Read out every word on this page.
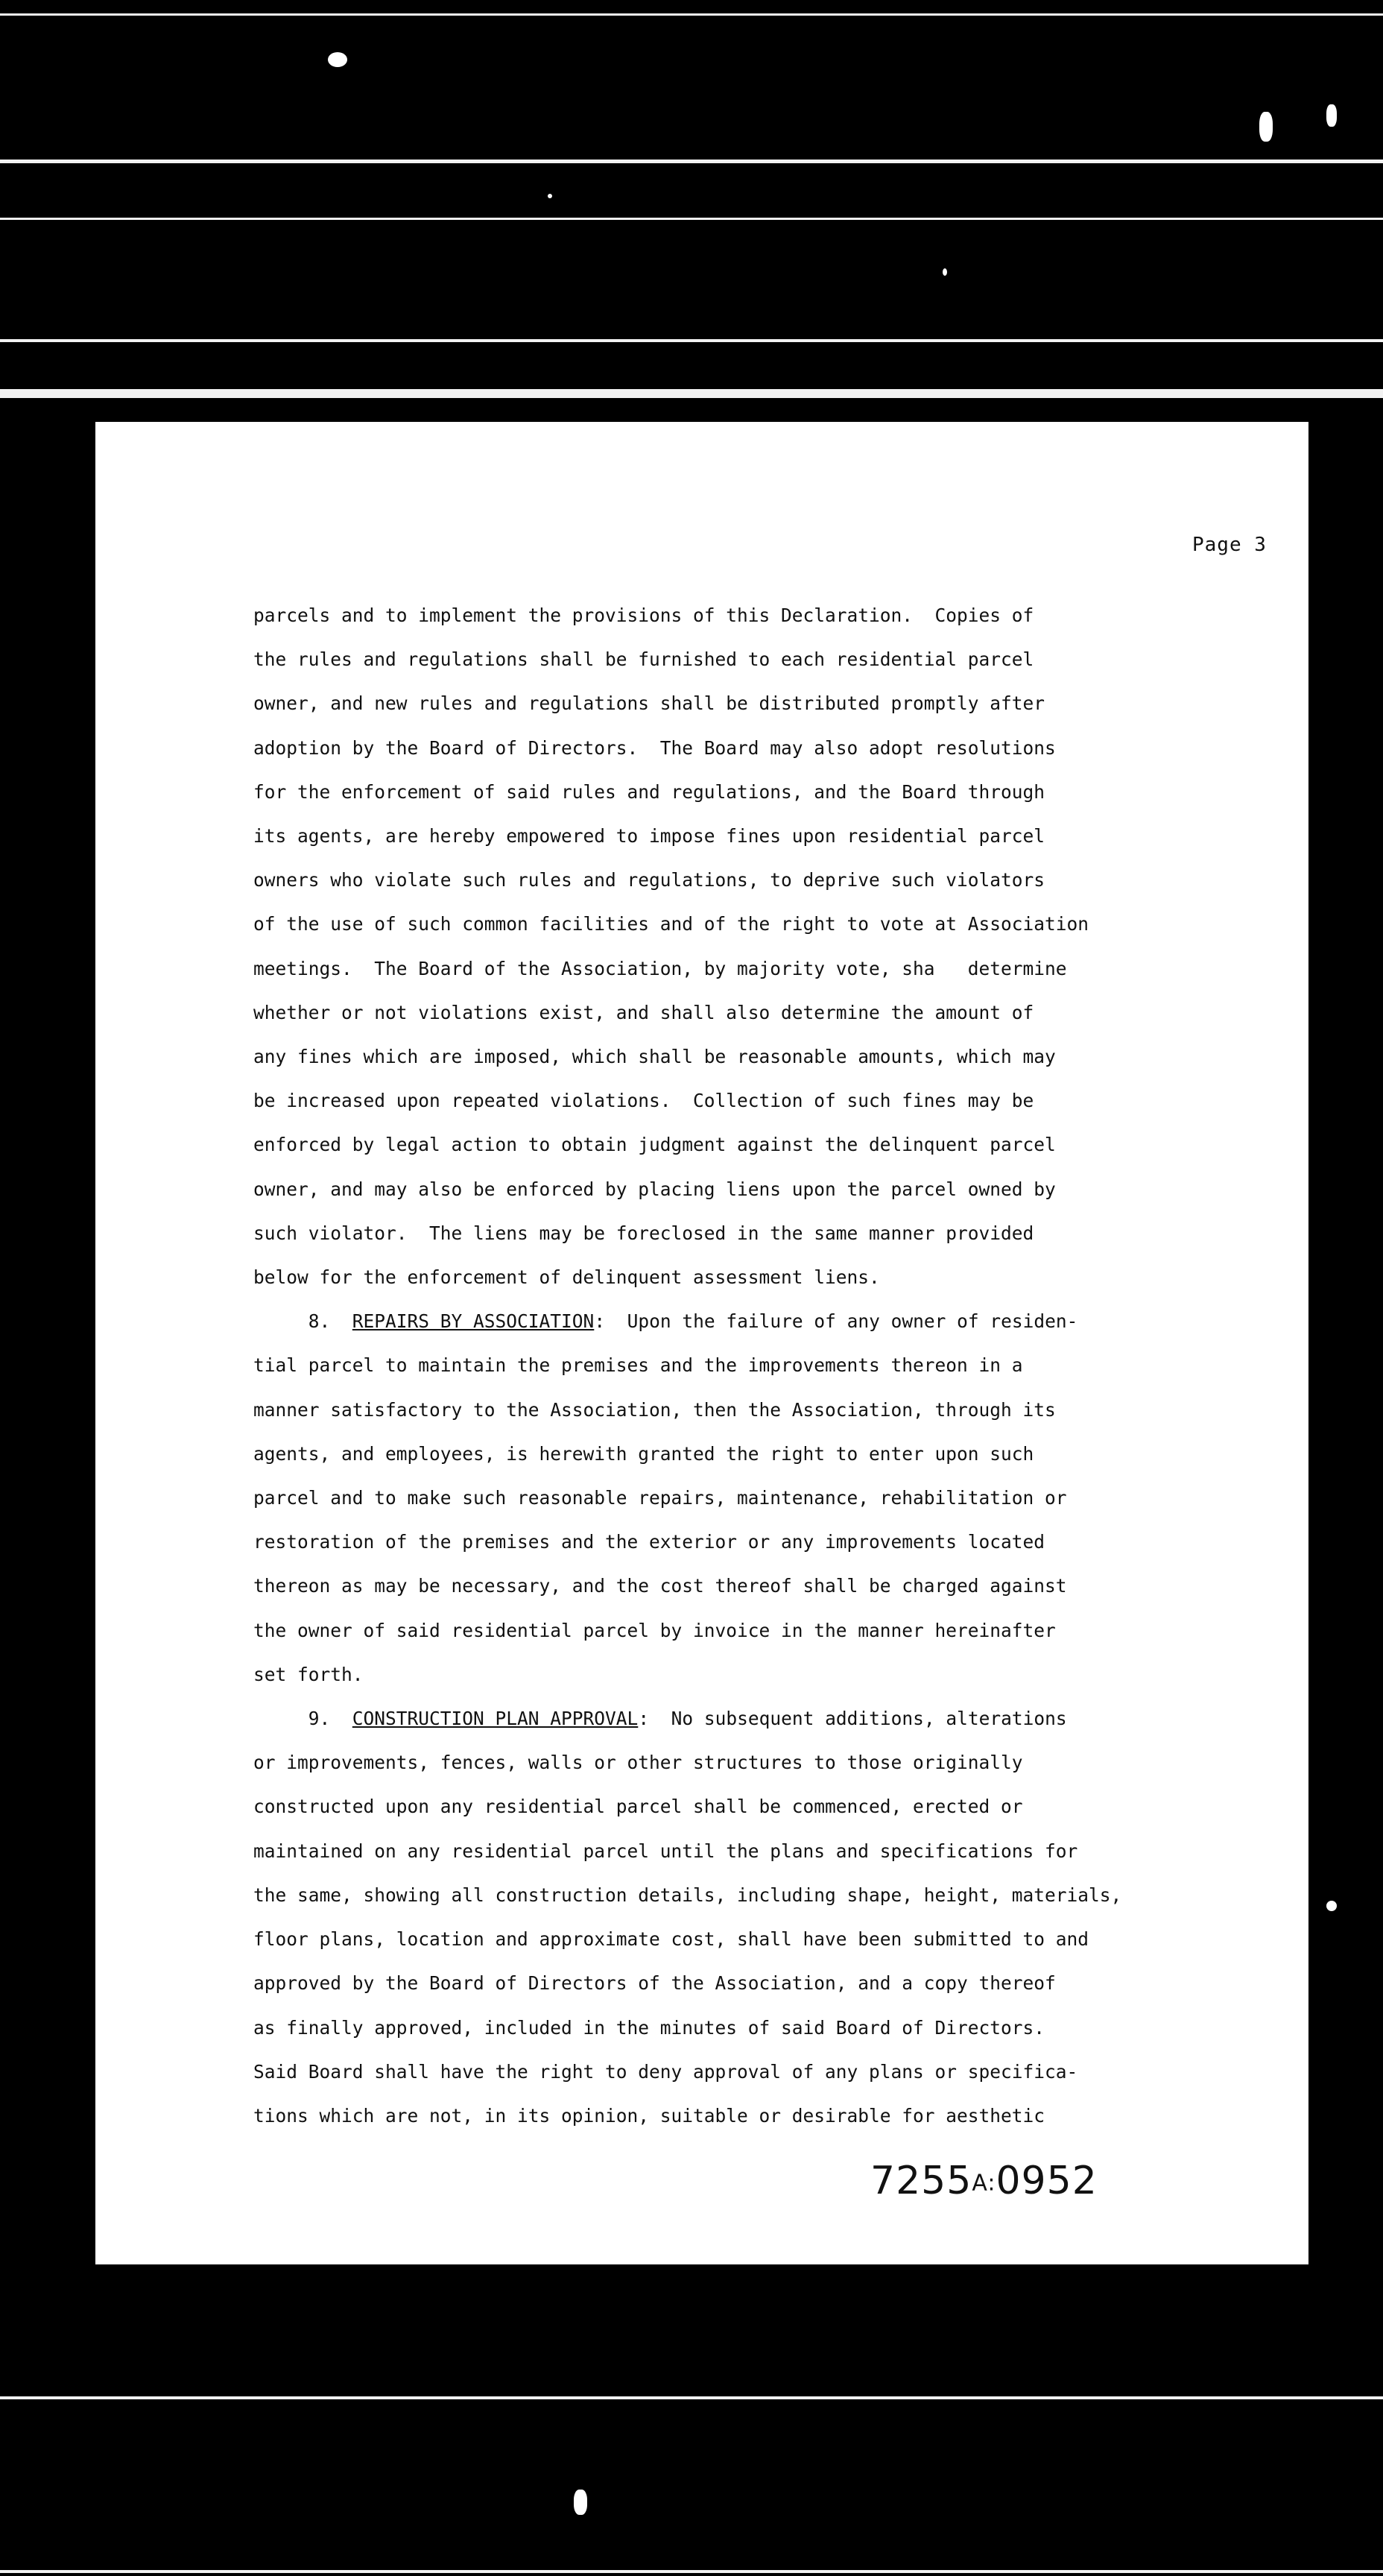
Page 3

parcels and to implement the provisions of this Declaration.  Copies of

the rules and regulations shall be furnished to each residential parcel

owner, and new rules and regulations shall be distributed promptly after

adoption by the Board of Directors.  The Board may also adopt resolutions

for the enforcement of said rules and regulations, and the Board through

its agents, are hereby empowered to impose fines upon residential parcel

owners who violate such rules and regulations, to deprive such violators

of the use of such common facilities and of the right to vote at Association

meetings.  The Board of the Association, by majority vote, sha   determine

whether or not violations exist, and shall also determine the amount of

any fines which are imposed, which shall be reasonable amounts, which may

be increased upon repeated violations.  Collection of such fines may be

enforced by legal action to obtain judgment against the delinquent parcel

owner, and may also be enforced by placing liens upon the parcel owned by

such violator.  The liens may be foreclosed in the same manner provided

below for the enforcement of delinquent assessment liens.

8. REPAIRS BY ASSOCIATION:  Upon the failure of any owner of residen-

tial parcel to maintain the premises and the improvements thereon in a

manner satisfactory to the Association, then the Association, through its

agents, and employees, is herewith granted the right to enter upon such

parcel and to make such reasonable repairs, maintenance, rehabilitation or

restoration of the premises and the exterior or any improvements located

thereon as may be necessary, and the cost thereof shall be charged against

the owner of said residential parcel by invoice in the manner hereinafter

set forth.

9. CONSTRUCTION PLAN APPROVAL:  No subsequent additions, alterations

or improvements, fences, walls or other structures to those originally

constructed upon any residential parcel shall be commenced, erected or

maintained on any residential parcel until the plans and specifications for

the same, showing all construction details, including shape, height, materials,

floor plans, location and approximate cost, shall have been submitted to and

approved by the Board of Directors of the Association, and a copy thereof

as finally approved, included in the minutes of said Board of Directors.

Said Board shall have the right to deny approval of any plans or specifica-

tions which are not, in its opinion, suitable or desirable for aesthetic

7255A:0952
